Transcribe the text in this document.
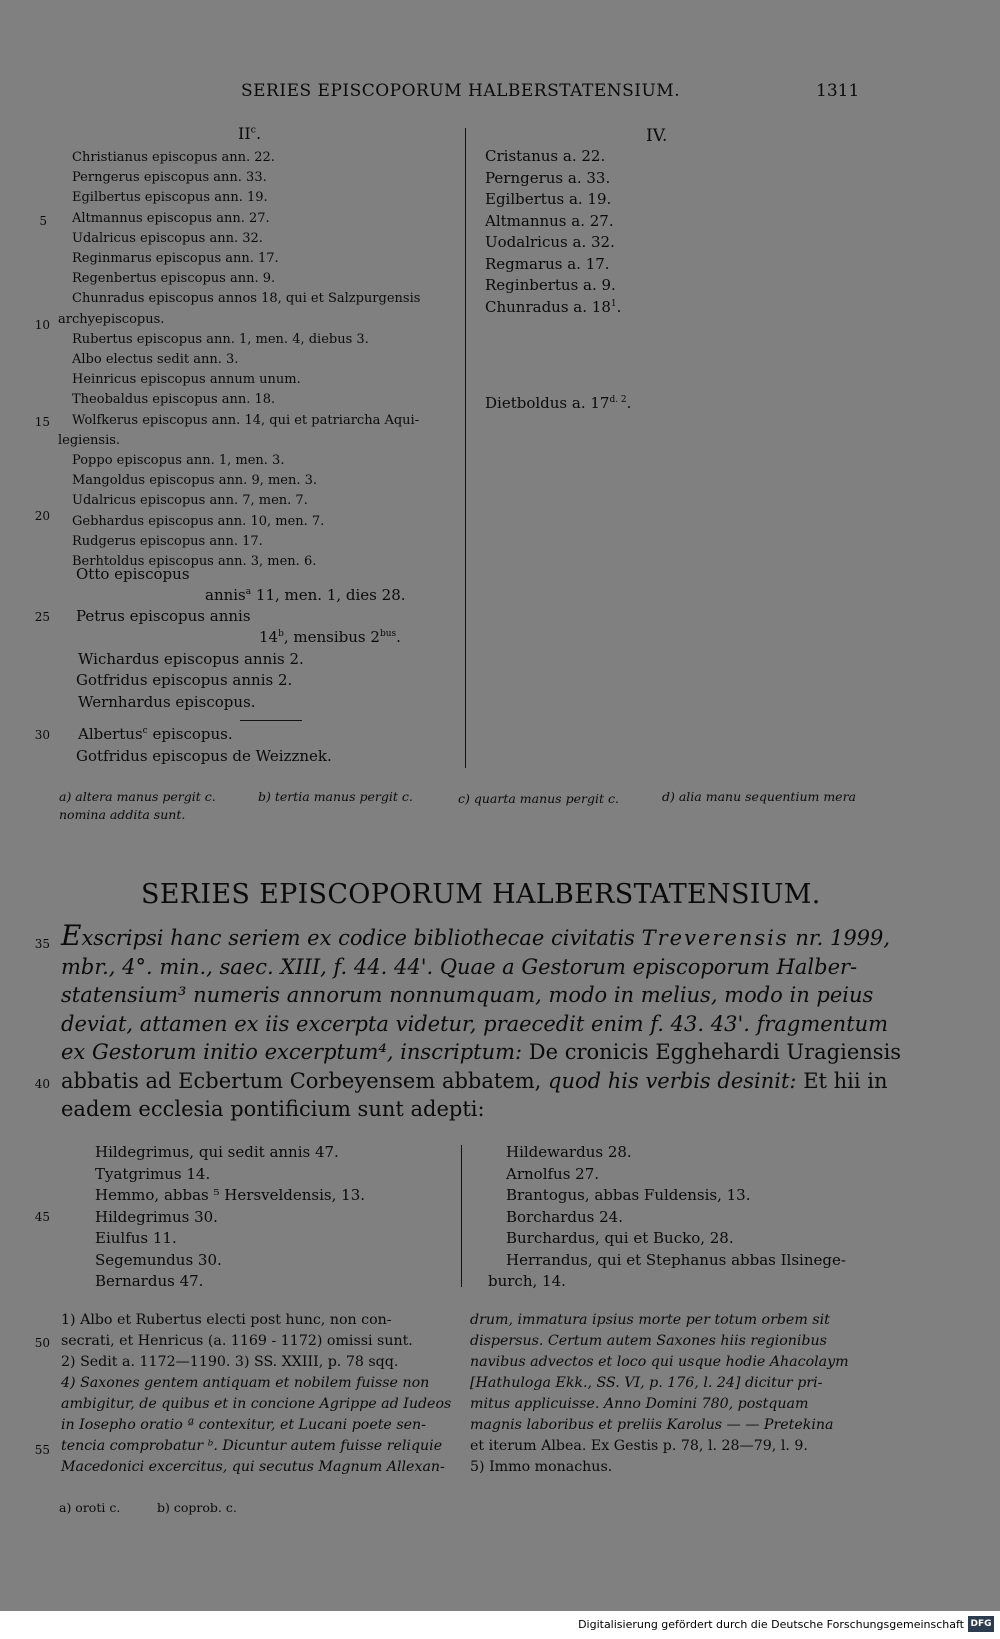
SERIES EPISCOPORUM HALBERSTATENSIUM.	1311
$II^c$.
Christianus episcopus ann. 22.
Perngerus episcopus ann. 33.
Egilbertus episcopus ann. 19.
Altmannus episcopus ann. 27.
Udalricus episcopus ann. 32.
Reginmarus episcopus ann. 17.
Regenbertus episcopus ann. 9.
Chunradus episcopus annos 18, qui et Salzpurgensis
archyepiscopus.
Rubertus episcopus ann. 1, men. 4, diebus 3.
Albo electus sedit ann. 3.
Heinricus episcopus annum unum.
Theobaldus episcopus ann. 18.
Wolfkerus episcopus ann. 14, qui et patriarcha Aqui-
legiensis.
Poppo episcopus ann. 1, men. 3.
Mangoldus episcopus ann. 9, men. 3.
Udalricus episcopus ann. 7, men. 7.
Gebhardus episcopus ann. 10, men. 7.
Rudgerus episcopus ann. 17.
Berhtoldus episcopus ann. 3, men. 6.
Otto episcopus
annis$^a$ 11, men. 1, dies 28.
Petrus episcopus annis
14$^b$, mensibus $2^{bus}$.
Wichardus episcopus annis 2.
Gotfridus episcopus annis 2.
Wernhardus episcopus.
Albertus$^c$ episcopus.
Gotfridus episcopus de Weizznek.
IV.
Cristanus a. 22.
Perngerus a. 33.
Egilbertus a. 19.
Altmannus a. 27.
Uodalricus a. 32.
Regmarus a. 17.
Reginbertus a. 9.
Chunradus a. $18^1$.
Dietboldus a. $17^{d. 2}$.
5
10
15
20
25
30
a) altera manus pergit c.	b) tertia manus pergit c.	c) quarta manus pergit c.	d) alia manu sequentium mera
nomina addita sunt.
SERIES EPISCOPORUM HALBERSTATENSIUM.
Exscripsi hanc seriem ex codice bibliothecae civitatis Treverensis nr. 1999,
mbr., 4°. min., saec. XIII, f. 44. 44'. Quae a Gestorum episcoporum Halber-
statensium³ numeris annorum nonnumquam, modo in melius, modo in peius
deviat, attamen ex iis excerpta videtur, praecedit enim f. 43. 43'. fragmentum
ex Gestorum initio excerptum⁴, inscriptum: De cronicis Egghehardi Uragiensis
abbatis ad Ecbertum Corbeyensem abbatem, quod his verbis desinit: Et hii in
eadem ecclesia pontificium sunt adepti:
Hildegrimus, qui sedit annis 47.
Tyatgrimus 14.
Hemmo, abbas ⁵ Hersveldensis, 13.
Hildegrimus 30.
Eiulfus 11.
Segemundus 30.
Bernardus 47.
Hildewardus 28.
Arnolfus 27.
Brantogus, abbas Fuldensis, 13.
Borchardus 24.
Burchardus, qui et Bucko, 28.
Herrandus, qui et Stephanus abbas Ilsinege-
burch, 14.
35
40
45
50
55
1) Albo et Rubertus electi post hunc, non con-
secrati, et Henricus (a. 1169 - 1172) omissi sunt.
2) Sedit a. 1172—1190. 3) SS. XXIII, p. 78 sqq.
4) Saxones gentem antiquam et nobilem fuisse non
ambigitur, de quibus et in concione Agrippe ad Iudeos
in Iosepho oratio ª contexitur, et Lucani poete sen-
tencia comprobatur ᵇ. Dicuntur autem fuisse reliquie
Macedonici excercitus, qui secutus Magnum Allexan-
drum, immatura ipsius morte per totum orbem sit
dispersus. Certum autem Saxones hiis regionibus
navibus advectos et loco qui usque hodie Ahacolaym
[Hathuloga Ekk., SS. VI, p. 176, l. 24] dicitur pri-
mitus applicuisse. Anno Domini 780, postquam
magnis laboribus et preliis Karolus — — Pretekina
et iterum Albea. Ex Gestis p. 78, l. 28—79, l. 9.
5) Immo monachus.
a) oroti c.	b) coprob. c.
Digitalisierung gefördert durch die Deutsche Forschungsgemeinschaft DFG
